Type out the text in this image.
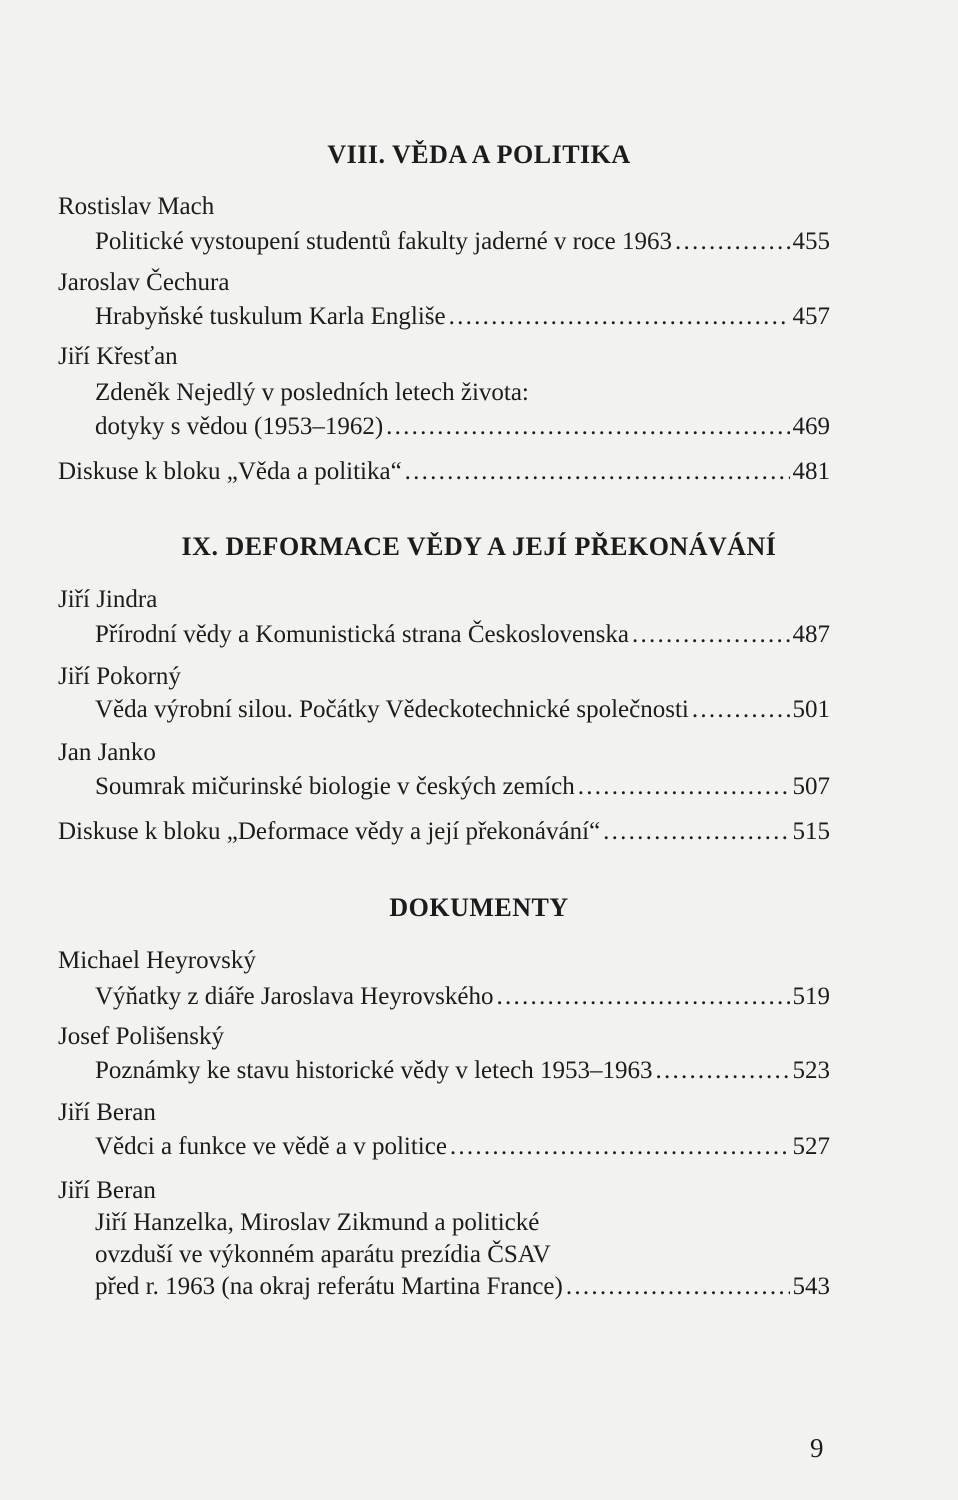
VIII. VĚDA A POLITIKA
Rostislav Mach
Politické vystoupení studentů fakulty jaderné v roce 1963 . . .	455
Jaroslav Čechura
Hrabyňské tuskulum Karla Engliše . . .	457
Jiří Křesťan
Zdeněk Nejedlý v posledních letech života:
dotyky s vědou (1953–1962) . . .	469
Diskuse k bloku „Věda a politika“ . . .	481
IX. DEFORMACE VĚDY A JEJÍ PŘEKONÁVÁNÍ
Jiří Jindra
Přírodní vědy a Komunistická strana Československa . . .	487
Jiří Pokorný
Věda výrobní silou. Počátky Vědeckotechnické společnosti . . .	501
Jan Janko
Soumrak mičurinské biologie v českých zemích . . .	507
Diskuse k bloku „Deformace vědy a její překonávání“ . . .	515
DOKUMENTY
Michael Heyrovský
Výňatky z diáře Jaroslava Heyrovského . . .	519
Josef Polišenský
Poznámky ke stavu historické vědy v letech 1953–1963 . . .	523
Jiří Beran
Vědci a funkce ve vědě a v politice . . .	527
Jiří Beran
Jiří Hanzelka, Miroslav Zikmund a politické
ovzduší ve výkonném aparátu prezídia ČSAV
před r. 1963 (na okraj referátu Martina France) . . .	543
9
